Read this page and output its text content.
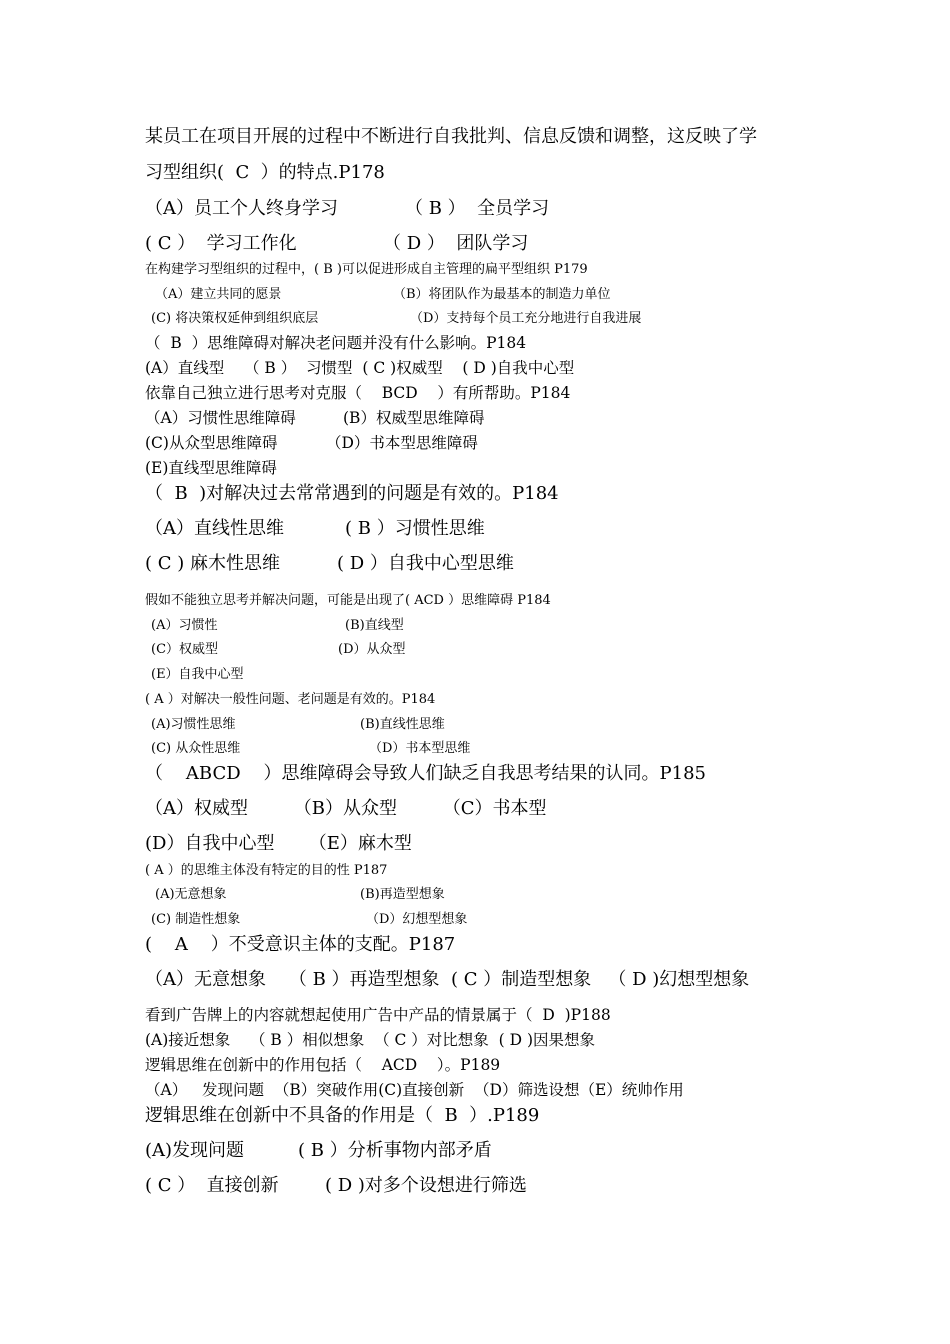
某员工在项目开展的过程中不断进行自我批判、信息反馈和调整，这反映了学
习型组织(  C  ）的特点.P178
（A）员工个人终身学习	（ B ）  全员学习
( C ）  学习工作化	（ D ）  团队学习
在构建学习型组织的过程中，( B )可以促进形成自主管理的扁平型组织 P179
（A）建立共同的愿景	（B）将团队作为最基本的制造力单位
(C) 将决策权延伸到组织底层	（D）支持每个员工充分地进行自我进展
（  B  ）思维障碍对解决老问题并没有什么影响。P184
(A）直线型    （ B ）  习惯型  ( C )权威型    ( D )自我中心型
依靠自己独立进行思考对克服（    BCD    ）有所帮助。P184
（A）习惯性思维障碍	(B）权威型思维障碍
(C)从众型思维障碍	（D）书本型思维障碍
(E)直线型思维障碍
（  B  )对解决过去常常遇到的问题是有效的。P184
（A）直线性思维	( B ）习惯性思维
( C ) 麻木性思维	( D ）自我中心型思维
假如不能独立思考并解决问题，可能是出现了( ACD ）思维障碍 P184
(A）习惯性	(B)直线型
(C）权威型	(D）从众型
(E）自我中心型
( A ）对解决一般性问题、老问题是有效的。P184
(A)习惯性思维	(B)直线性思维
(C) 从众性思维	（D）书本型思维
（    ABCD    ）思维障碍会导致人们缺乏自我思考结果的认同。P185
（A）权威型        （B）从众型        （C）书本型
(D）自我中心型      （E）麻木型
( A ）的思维主体没有特定的目的性 P187
(A)无意想象	(B)再造型想象
(C) 制造性想象	（D）幻想型想象
(    A    ）不受意识主体的支配。P187
（A）无意想象    （ B ）再造型想象  ( C ）制造型想象   （ D )幻想型想象
看到广告牌上的内容就想起使用广告中产品的情景属于（  D  )P188
(A)接近想象    （ B ）相似想象  （ C ）对比想象  ( D )因果想象
逻辑思维在创新中的作用包括（    ACD    ）。P189
（A）   发现问题  （B）突破作用(C)直接创新  （D）筛选设想（E）统帅作用
逻辑思维在创新中不具备的作用是（  B  ）.P189
(A)发现问题	( B ）分析事物内部矛盾
( C ）  直接创新	( D )对多个设想进行筛选
